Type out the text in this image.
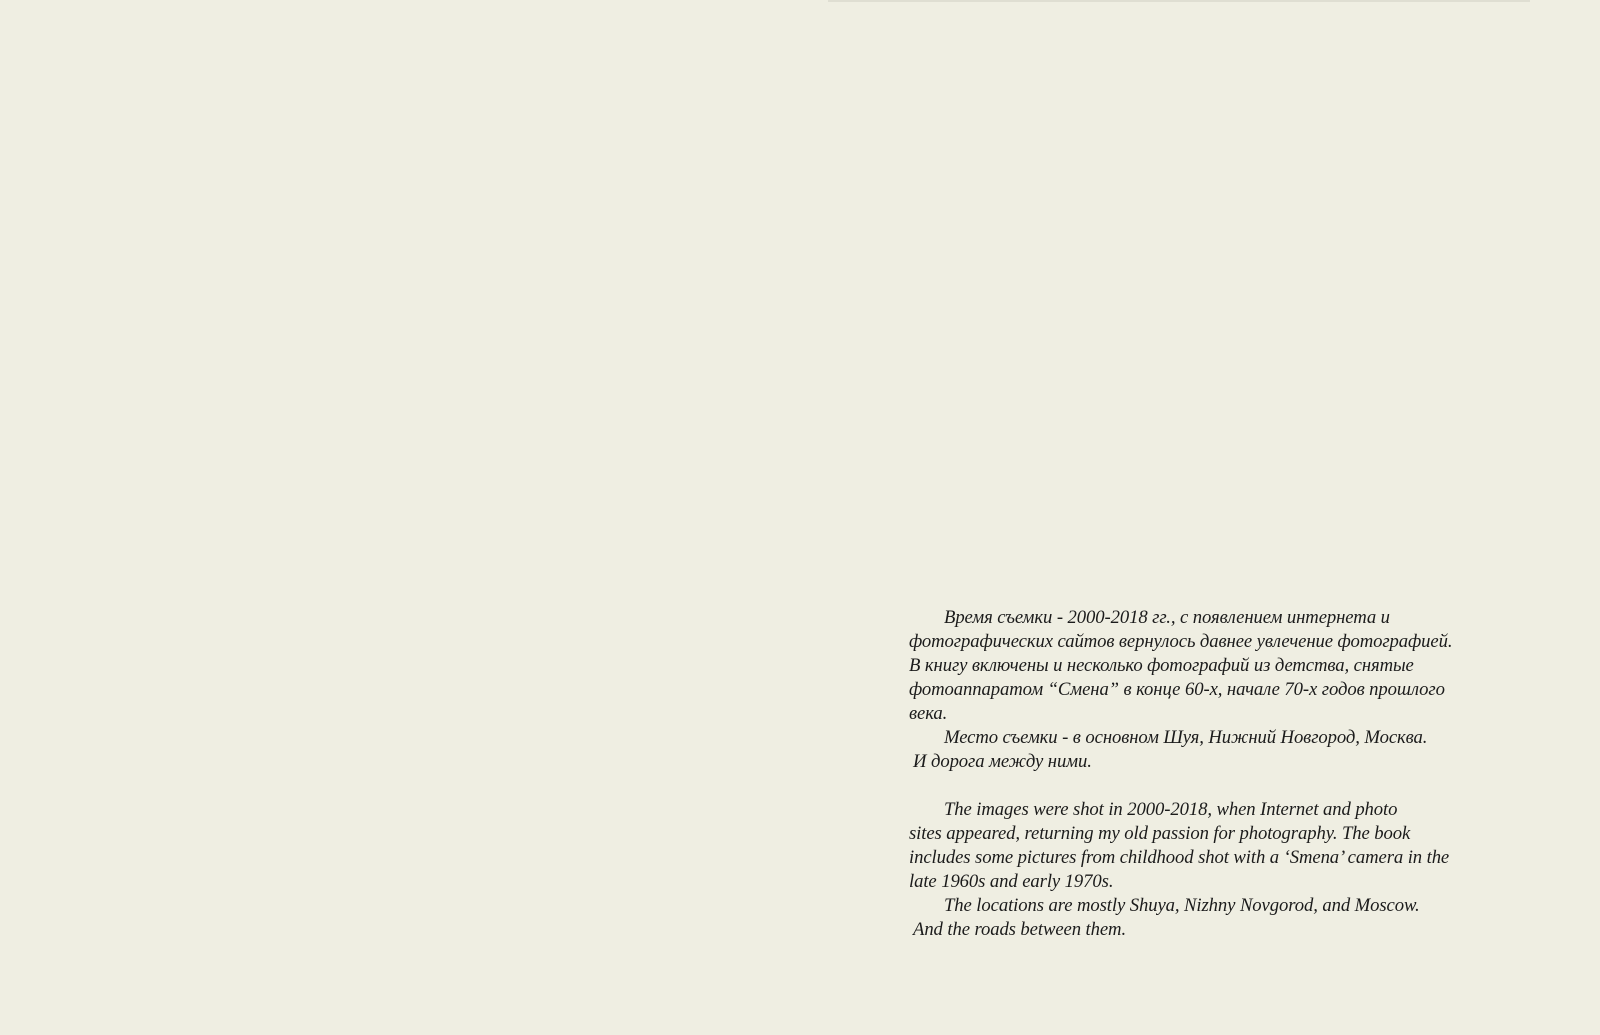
Время съемки - 2000-2018 гг., с появлением интернета и
фотографических сайтов вернулось давнее увлечение фотографией.
В книгу включены и несколько фотографий из детства, снятые
фотоаппаратом “Смена” в конце 60-х, начале 70-х годов прошлого
века.
Место съемки - в основном Шуя, Нижний Новгород, Москва.
И дорога между ними.
The images were shot in 2000-2018, when Internet and photo
sites appeared, returning my old passion for photography. The book
includes some pictures from childhood shot with a ‘Smena’ camera in the
late 1960s and early 1970s.
The locations are mostly Shuya, Nizhny Novgorod, and Moscow.
And the roads between them.
